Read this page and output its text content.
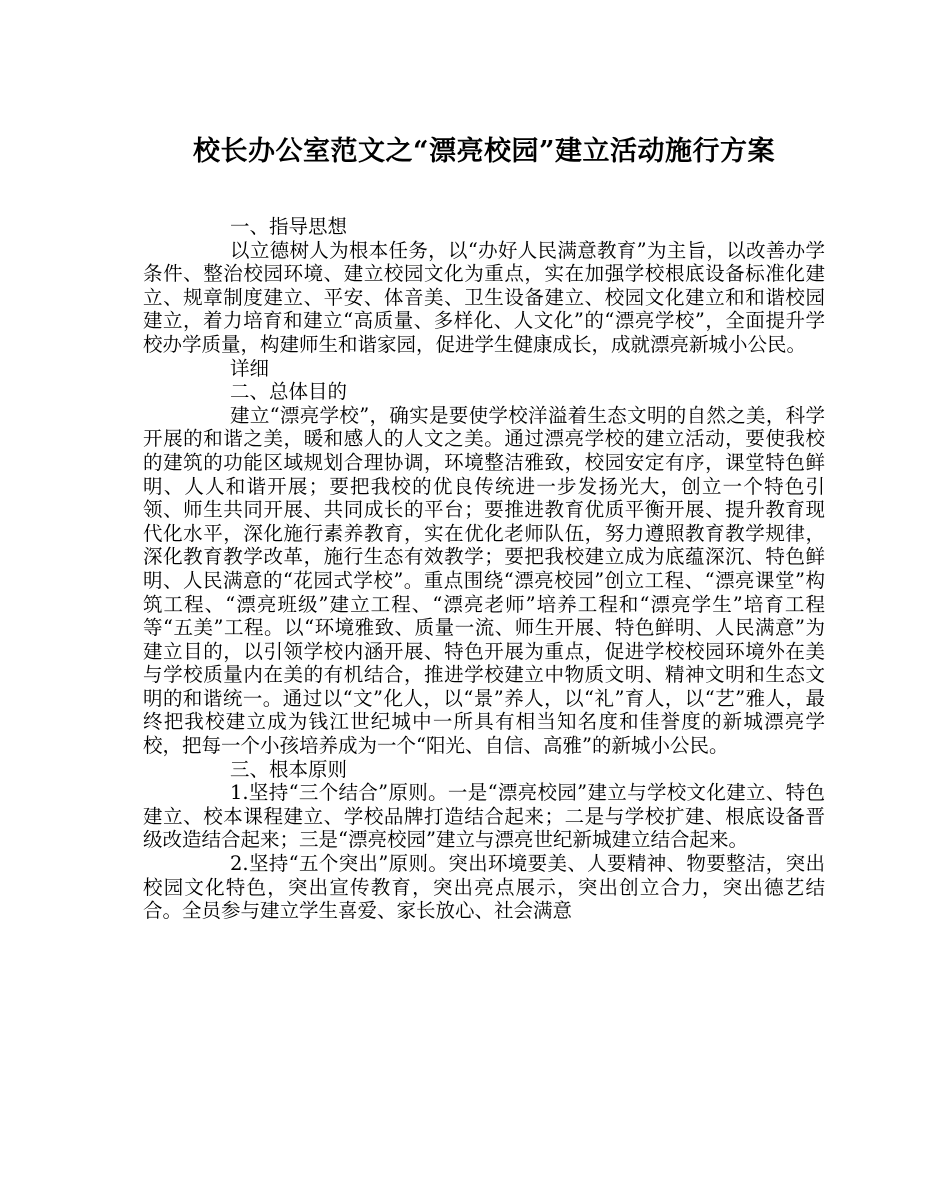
校长办公室范文之“漂亮校园”建立活动施行方案

一、指导思想

以立德树人为根本任务，以“办好人民满意教育”为主旨，以改善办学条件、整治校园环境、建立校园文化为重点，实在加强学校根底设备标准化建立、规章制度建立、平安、体音美、卫生设备建立、校园文化建立和和谐校园建立，着力培育和建立“高质量、多样化、人文化”的“漂亮学校”，全面提升学校办学质量，构建师生和谐家园，促进学生健康成长，成就漂亮新城小公民。

详细

二、总体目的

建立“漂亮学校”，确实是要使学校洋溢着生态文明的自然之美，科学开展的和谐之美，暖和感人的人文之美。通过漂亮学校的建立活动，要使我校的建筑的功能区域规划合理协调，环境整洁雅致，校园安定有序，课堂特色鲜明、人人和谐开展；要把我校的优良传统进一步发扬光大，创立一个特色引领、师生共同开展、共同成长的平台；要推进教育优质平衡开展、提升教育现代化水平，深化施行素养教育，实在优化老师队伍，努力遵照教育教学规律，深化教育教学改革，施行生态有效教学；要把我校建立成为底蕴深沉、特色鲜明、人民满意的“花园式学校”。重点围绕“漂亮校园”创立工程、“漂亮课堂”构筑工程、“漂亮班级”建立工程、“漂亮老师”培养工程和“漂亮学生”培育工程等“五美”工程。以“环境雅致、质量一流、师生开展、特色鲜明、人民满意”为建立目的，以引领学校内涵开展、特色开展为重点，促进学校校园环境外在美与学校质量内在美的有机结合，推进学校建立中物质文明、精神文明和生态文明的和谐统一。通过以“文”化人，以“景”养人，以“礼”育人，以“艺”雅人，最终把我校建立成为钱江世纪城中一所具有相当知名度和佳誉度的新城漂亮学校，把每一个小孩培养成为一个“阳光、自信、高雅”的新城小公民。

三、根本原则

1.坚持“三个结合”原则。一是“漂亮校园”建立与学校文化建立、特色建立、校本课程建立、学校品牌打造结合起来；二是与学校扩建、根底设备晋级改造结合起来；三是“漂亮校园”建立与漂亮世纪新城建立结合起来。

2.坚持“五个突出”原则。突出环境要美、人要精神、物要整洁，突出校园文化特色，突出宣传教育，突出亮点展示，突出创立合力，突出德艺结合。全员参与建立学生喜爱、家长放心、社会满意
